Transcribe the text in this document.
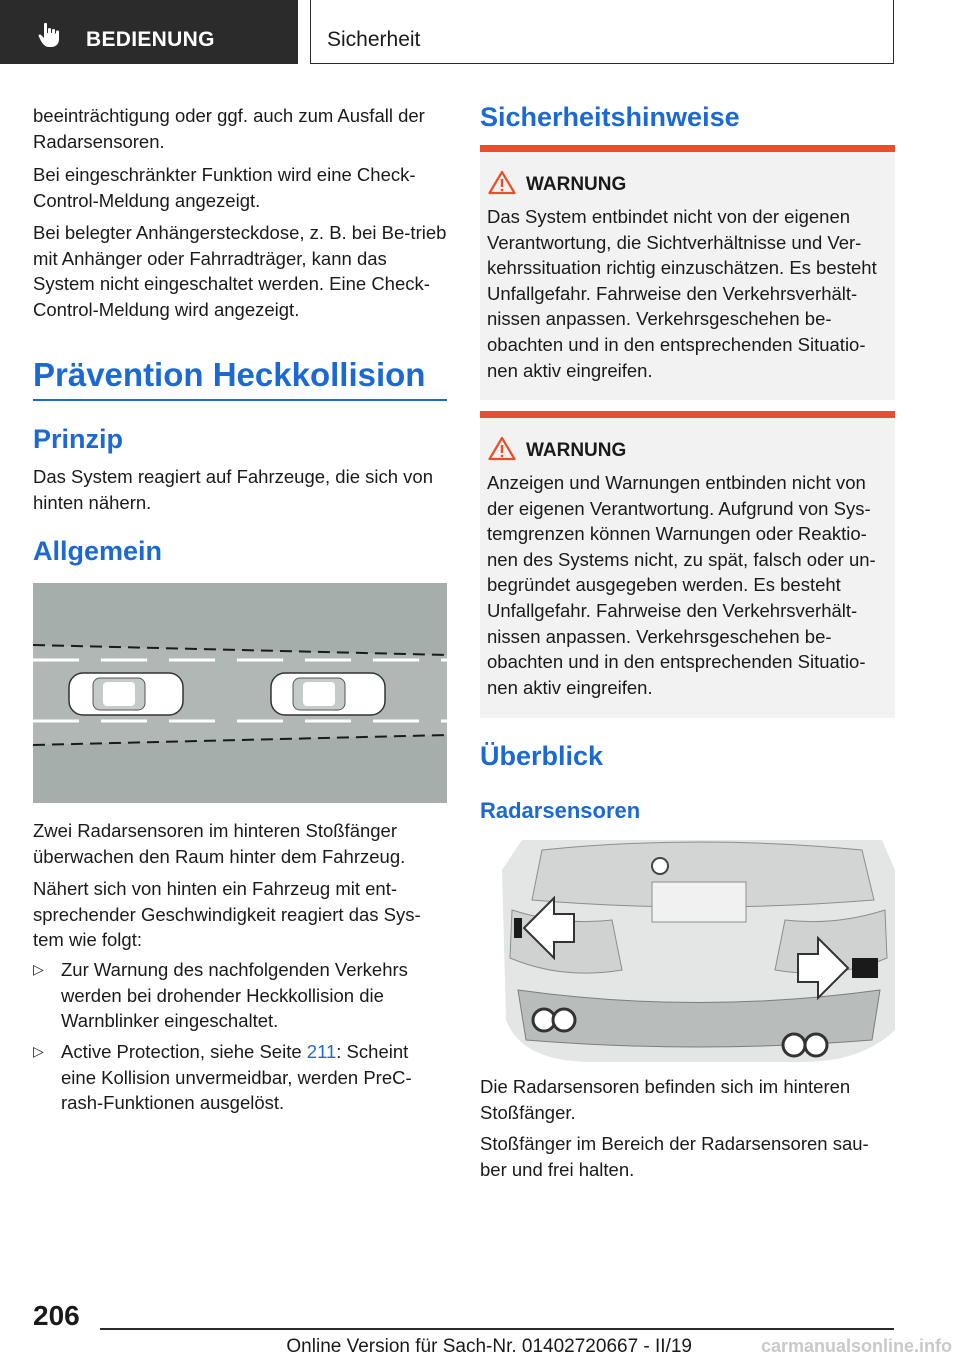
BEDIENUNG	Sicherheit
beeinträchtigung oder ggf. auch zum Ausfall der Radarsensoren.
Bei eingeschränkter Funktion wird eine Check-Control-Meldung angezeigt.
Bei belegter Anhängersteckdose, z. B. bei Be-trieb mit Anhänger oder Fahrradträger, kann das System nicht eingeschaltet werden. Eine Check-Control-Meldung wird angezeigt.
Prävention Heckkollision
Prinzip
Das System reagiert auf Fahrzeuge, die sich von hinten nähern.
Allgemein
Zwei Radarsensoren im hinteren Stoßfänger überwachen den Raum hinter dem Fahrzeug.
Nähert sich von hinten ein Fahrzeug mit ent-sprechender Geschwindigkeit reagiert das Sys-tem wie folgt:
▷ Zur Warnung des nachfolgenden Verkehrs werden bei drohender Heckkollision die Warnblinker eingeschaltet.
▷ Active Protection, siehe Seite 211: Scheint eine Kollision unvermeidbar, werden PreC-rash-Funktionen ausgelöst.
Sicherheitshinweise
WARNUNG
Das System entbindet nicht von der eigenen Verantwortung, die Sichtverhältnisse und Ver-kehrssituation richtig einzuschätzen. Es besteht Unfallgefahr. Fahrweise den Verkehrsverhält-nissen anpassen. Verkehrsgeschehen be-obachten und in den entsprechenden Situatio-nen aktiv eingreifen.
WARNUNG
Anzeigen und Warnungen entbinden nicht von der eigenen Verantwortung. Aufgrund von Sys-temgrenzen können Warnungen oder Reaktio-nen des Systems nicht, zu spät, falsch oder un-begründet ausgegeben werden. Es besteht Unfallgefahr. Fahrweise den Verkehrsverhält-nissen anpassen. Verkehrsgeschehen be-obachten und in den entsprechenden Situatio-nen aktiv eingreifen.
Überblick
Radarsensoren
Die Radarsensoren befinden sich im hinteren Stoßfänger.
Stoßfänger im Bereich der Radarsensoren sau-ber und frei halten.
206
Online Version für Sach-Nr. 01402720667 - II/19	carmanualsonline.info
